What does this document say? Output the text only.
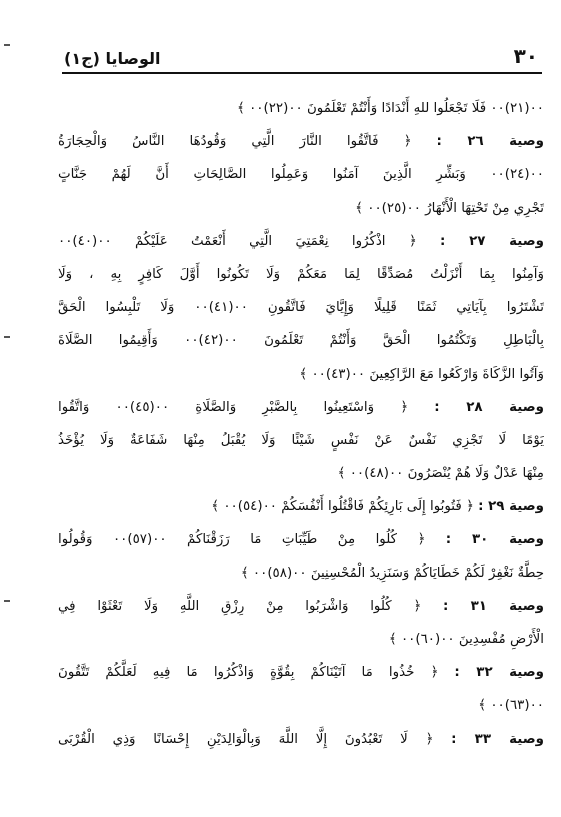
الوصايا (ج١)	٣٠
٠٠(٢١)٠٠ فَلَا تَجْعَلُوا للهِ أَنْدَادًا وَأَنْتُمْ تَعْلَمُونَ ٠٠(٢٢)٠٠ ﴾
وصية ٢٦ : ﴿ فَاتَّقُوا النَّارَ الَّتِي وَقُودُهَا النَّاسُ وَالْحِجَارَةُ
٠٠(٢٤)٠٠ وَبَشِّرِ الَّذِينَ آمَنُوا وَعَمِلُوا الصَّالِحَاتِ أَنَّ لَهُمْ جَنَّاتٍ
تَجْرِي مِنْ تَحْتِهَا الْأَنْهَارُ ٠٠(٢٥)٠٠ ﴾
وصية ٢٧ : ﴿ اذْكُرُوا نِعْمَتِيَ الَّتِي أَنْعَمْتُ عَلَيْكُمْ ٠٠(٤٠)٠٠
وَآمِنُوا بِمَا أَنْزَلْتُ مُصَدِّقًا لِمَا مَعَكُمْ وَلَا تَكُونُوا أَوَّلَ كَافِرٍ بِهِ ، وَلَا
تَشْتَرُوا بِآيَاتِي ثَمَنًا قَلِيلًا وَإِيَّايَ فَاتَّقُونِ ٠٠(٤١)٠٠ وَلَا تَلْبِسُوا الْحَقَّ
بِالْبَاطِلِ وَتَكْتُمُوا الْحَقَّ وَأَنْتُمْ تَعْلَمُونَ ٠٠(٤٢)٠٠ وَأَقِيمُوا الصَّلَاةَ
وَآتُوا الزَّكَاةَ وَارْكَعُوا مَعَ الرَّاكِعِينَ ٠٠(٤٣)٠٠ ﴾
وصية ٢٨ : ﴿ وَاسْتَعِينُوا بِالصَّبْرِ وَالصَّلَاةِ ٠٠(٤٥)٠٠ وَاتَّقُوا
يَوْمًا لَا تَجْزِي نَفْسٌ عَنْ نَفْسٍ شَيْئًا وَلَا يُقْبَلُ مِنْهَا شَفَاعَةٌ وَلَا يُؤْخَذُ
مِنْهَا عَدْلٌ وَلَا هُمْ يُنْصَرُونَ ٠٠(٤٨)٠٠ ﴾
وصية ٢٩ : ﴿ فَتُوبُوا إِلَى بَارِئِكُمْ فَاقْتُلُوا أَنْفُسَكُمْ ٠٠(٥٤)٠٠ ﴾
وصية ٣٠ : ﴿ كُلُوا مِنْ طَيِّبَاتِ مَا رَزَقْنَاكُمْ ٠٠(٥٧)٠٠ وَقُولُوا
حِطَّةٌ نَغْفِرْ لَكُمْ خَطَايَاكُمْ وَسَنَزِيدُ الْمُحْسِنِينَ ٠٠(٥٨)٠٠ ﴾
وصية ٣١ : ﴿ كُلُوا وَاشْرَبُوا مِنْ رِزْقِ اللَّهِ وَلَا تَعْثَوْا فِي
الْأَرْضِ مُفْسِدِينَ ٠٠(٦٠)٠٠ ﴾
وصية ٣٢ : ﴿ خُذُوا مَا آتَيْنَاكُمْ بِقُوَّةٍ وَاذْكُرُوا مَا فِيهِ لَعَلَّكُمْ تَتَّقُونَ
٠٠(٦٣)٠٠ ﴾
وصية ٣٣ : ﴿ لَا تَعْبُدُونَ إِلَّا اللَّهَ وَبِالْوَالِدَيْنِ إِحْسَانًا وَذِي الْقُرْبَى
